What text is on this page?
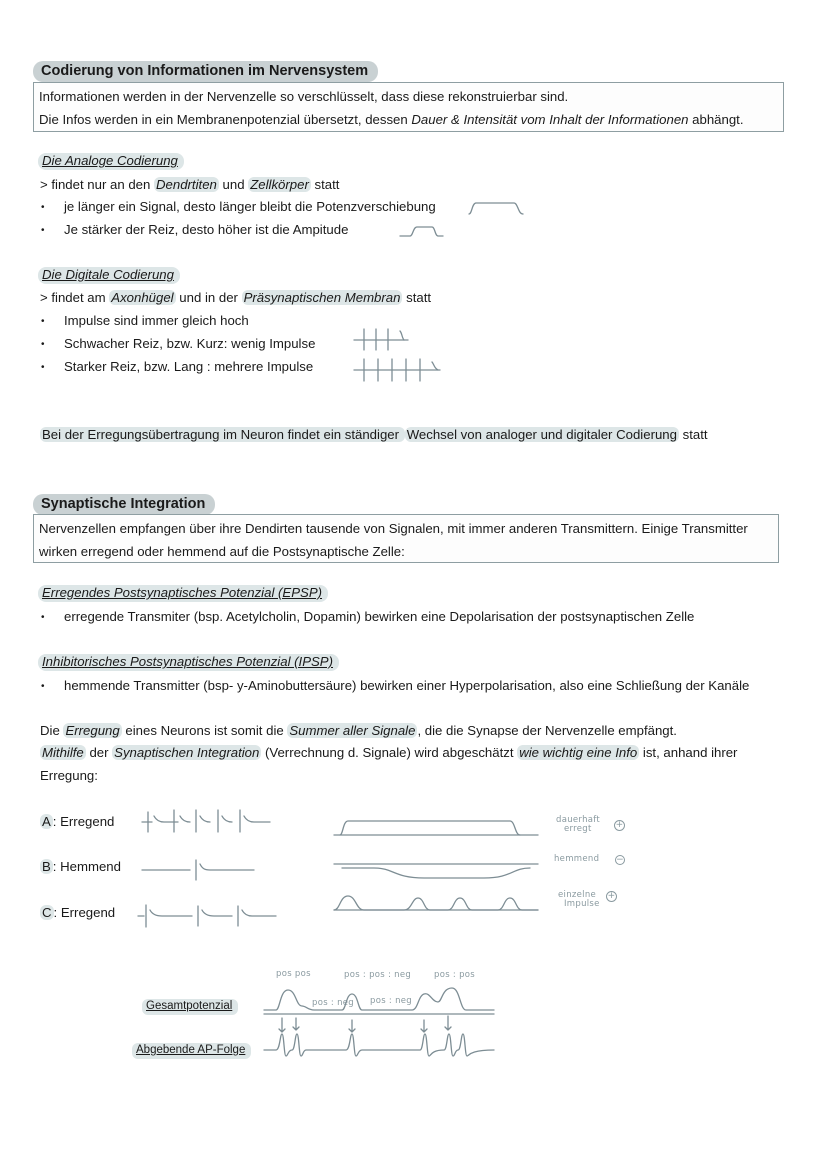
Codierung von Informationen im Nervensystem

Informationen werden in der Nervenzelle so verschlüsselt, dass diese rekonstruierbar sind.

Die Infos werden in ein Membranenpotenzial übersetzt, dessen Dauer & Intensität vom Inhalt der Informationen abhängt.

Die Analoge Codierung
> findet nur an den Dendrtiten und Zellkörper statt
• je länger ein Signal, desto länger bleibt die Potenzverschiebung
• Je stärker der Reiz, desto höher ist die Ampitude
Die Digitale Codierung
> findet am Axonhügel und in der Präsynaptischen Membran statt
• Impulse sind immer gleich hoch
• Schwacher Reiz, bzw. Kurz: wenig Impulse
• Starker Reiz, bzw. Lang : mehrere Impulse
Bei der Erregungsübertragung im Neuron findet ein ständiger Wechsel von analoger und digitaler Codierung statt
Synaptische Integration

Nervenzellen empfangen über ihre Dendirten tausende von Signalen, mit immer anderen Transmittern. Einige Transmitter

wirken erregend oder hemmend auf die Postsynaptische Zelle:

Erregendes Postsynaptisches Potenzial (EPSP)
• erregende Transmiter (bsp. Acetylcholin, Dopamin) bewirken eine Depolarisation der postsynaptischen Zelle
Inhibitorisches Postsynaptisches Potenzial (IPSP)
• hemmende Transmitter (bsp- y-Aminobuttersäure) bewirken einer Hyperpolarisation, also eine Schließung der Kanäle
Die Erregung eines Neurons ist somit die Summer aller Signale , die die Synapse der Nervenzelle empfängt.
Mithilfe der Synaptischen Integration (Verrechnung d. Signale) wird abgeschätzt wie wichtig eine Info ist, anhand ihrer
Erregung:
A : Erregend
B : Hemmend
C : Erregend
dauerhaft
erregt	+
hemmend −
einzelne
Impulse
+
Gesamtpotenzial
Abgebende AP-Folge
pos pos	pos : pos : neg	pos : pos
pos : neg pos : neg
